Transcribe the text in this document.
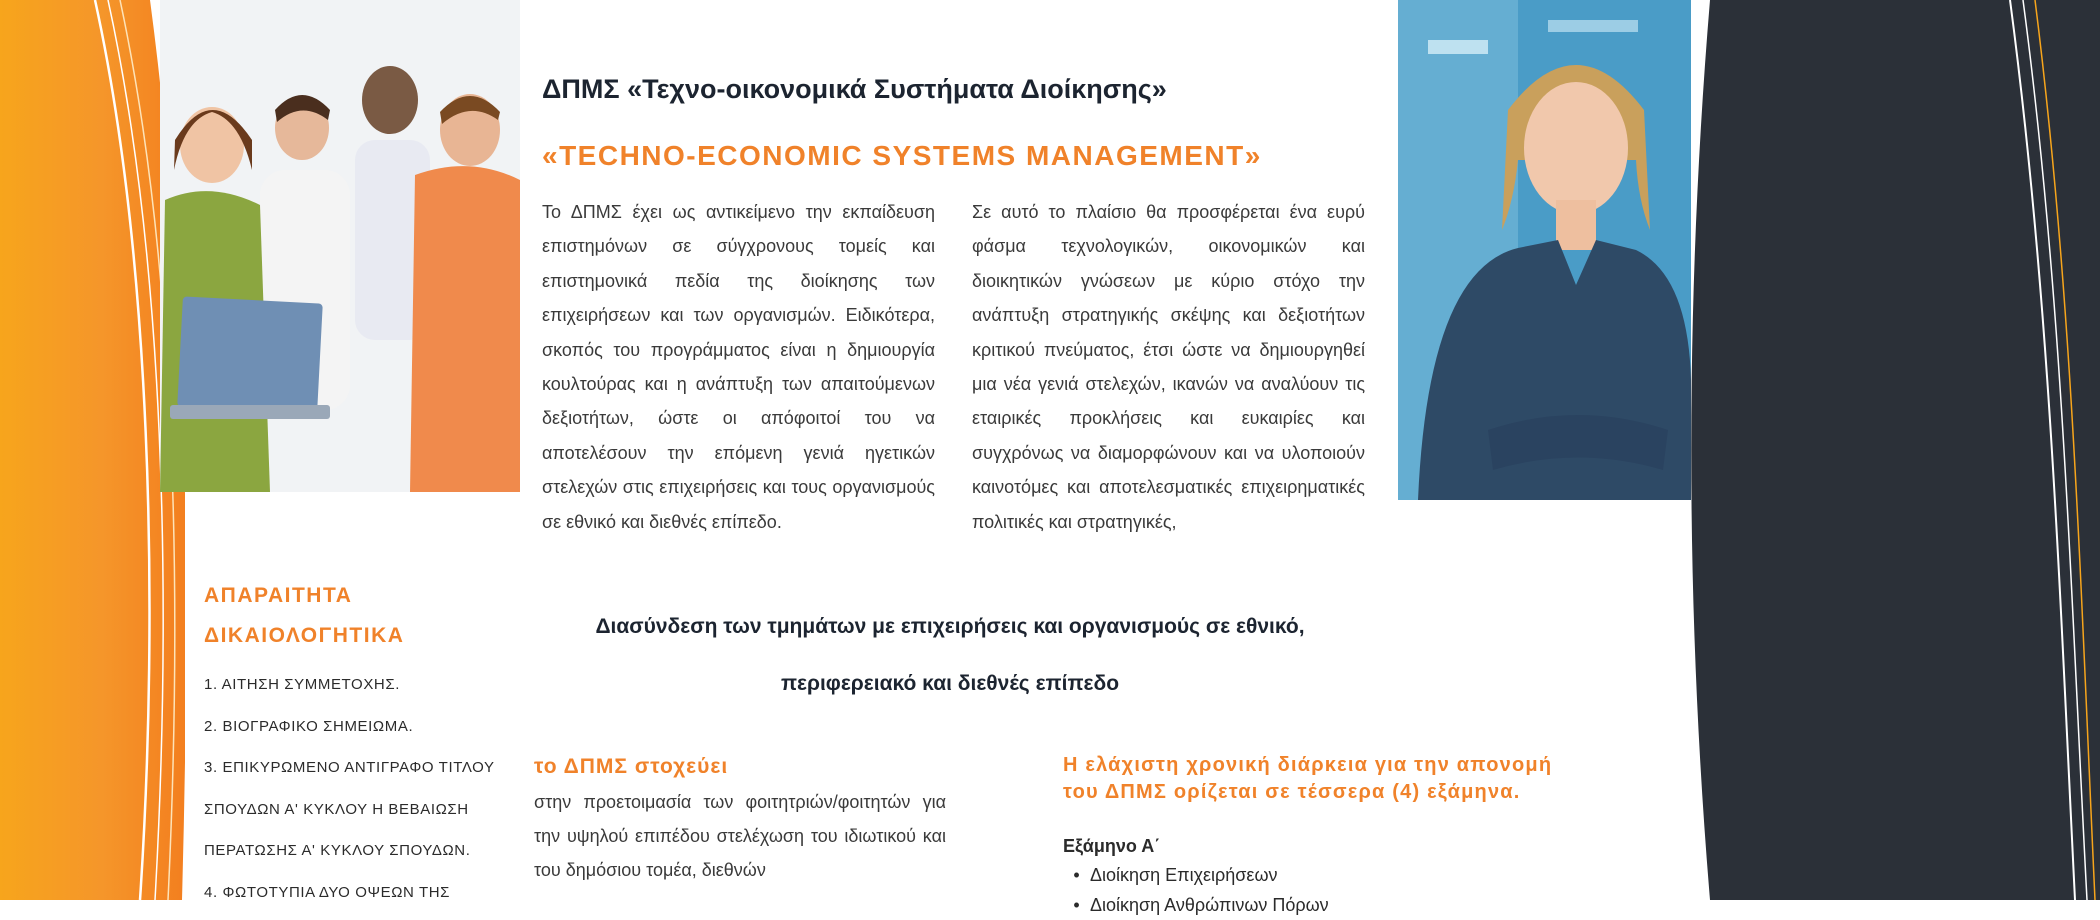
ΔΠΜΣ «Τεχνο-οικονομικά Συστήματα Διοίκησης»
«TECHNO-ECONOMIC SYSTEMS MANAGEMENT»

Το ΔΠΜΣ έχει ως αντικείμενο την εκπαίδευση επιστημόνων σε σύγχρονους τομείς και επιστημονικά πεδία της διοίκησης των επιχειρήσεων και των οργανισμών. Ειδικότερα, σκοπός του προγράμματος είναι η δημιουργία κουλτούρας και η ανάπτυξη των απαιτούμενων δεξιοτήτων, ώστε οι απόφοιτοί του να αποτελέσουν την επόμενη γενιά ηγετικών στελεχών στις επιχειρήσεις και τους οργανισμούς σε εθνικό και διεθνές επίπεδο.

Σε αυτό το πλαίσιο θα προσφέρεται ένα ευρύ φάσμα τεχνολογικών, οικονομικών και διοικητικών γνώσεων με κύριο στόχο την ανάπτυξη στρατηγικής σκέψης και δεξιοτήτων κριτικού πνεύματος, έτσι ώστε να δημιουργηθεί μια νέα γενιά στελεχών, ικανών να αναλύουν τις εταιρικές προκλήσεις και ευκαιρίες και συγχρόνως να διαμορφώνουν και να υλοποιούν καινοτόμες και αποτελεσματικές επιχειρηματικές πολιτικές και στρατηγικές,

Διασύνδεση των τμημάτων με επιχειρήσεις και οργανισμούς σε εθνικό,

περιφερειακό και διεθνές επίπεδο

ΑΠΑΡΑΙΤΗΤΑ
ΔΙΚΑΙΟΛΟΓΗΤΙΚΑ
1. ΑΙΤΗΣΗ ΣΥΜΜΕΤΟΧΗΣ.
2. ΒΙΟΓΡΑΦΙΚΟ ΣΗΜΕΙΩΜΑ.
3. ΕΠΙΚΥΡΩΜΕΝΟ ΑΝΤΙΓΡΑΦΟ ΤΙΤΛΟΥ
ΣΠΟΥΔΩΝ Α' ΚΥΚΛΟΥ Η ΒΕΒΑΙΩΣΗ
ΠΕΡΑΤΩΣΗΣ Α' ΚΥΚΛΟΥ ΣΠΟΥΔΩΝ.
4. ΦΩΤΟΤΥΠΙΑ ΔΥΟ ΟΨΕΩΝ ΤΗΣ
το ΔΠΜΣ στοχεύει

στην προετοιμασία των φοιτητριών/φοιτητών για την υψηλού επιπέδου στελέχωση του ιδιωτικού και του δημόσιου τομέα, διεθνών

Η ελάχιστη χρονική διάρκεια για την απονομή του ΔΠΜΣ ορίζεται σε τέσσερα (4) εξάμηνα.

Εξάμηνο Α΄

• Διοίκηση Επιχειρήσεων
• Διοίκηση Ανθρώπινων Πόρων
